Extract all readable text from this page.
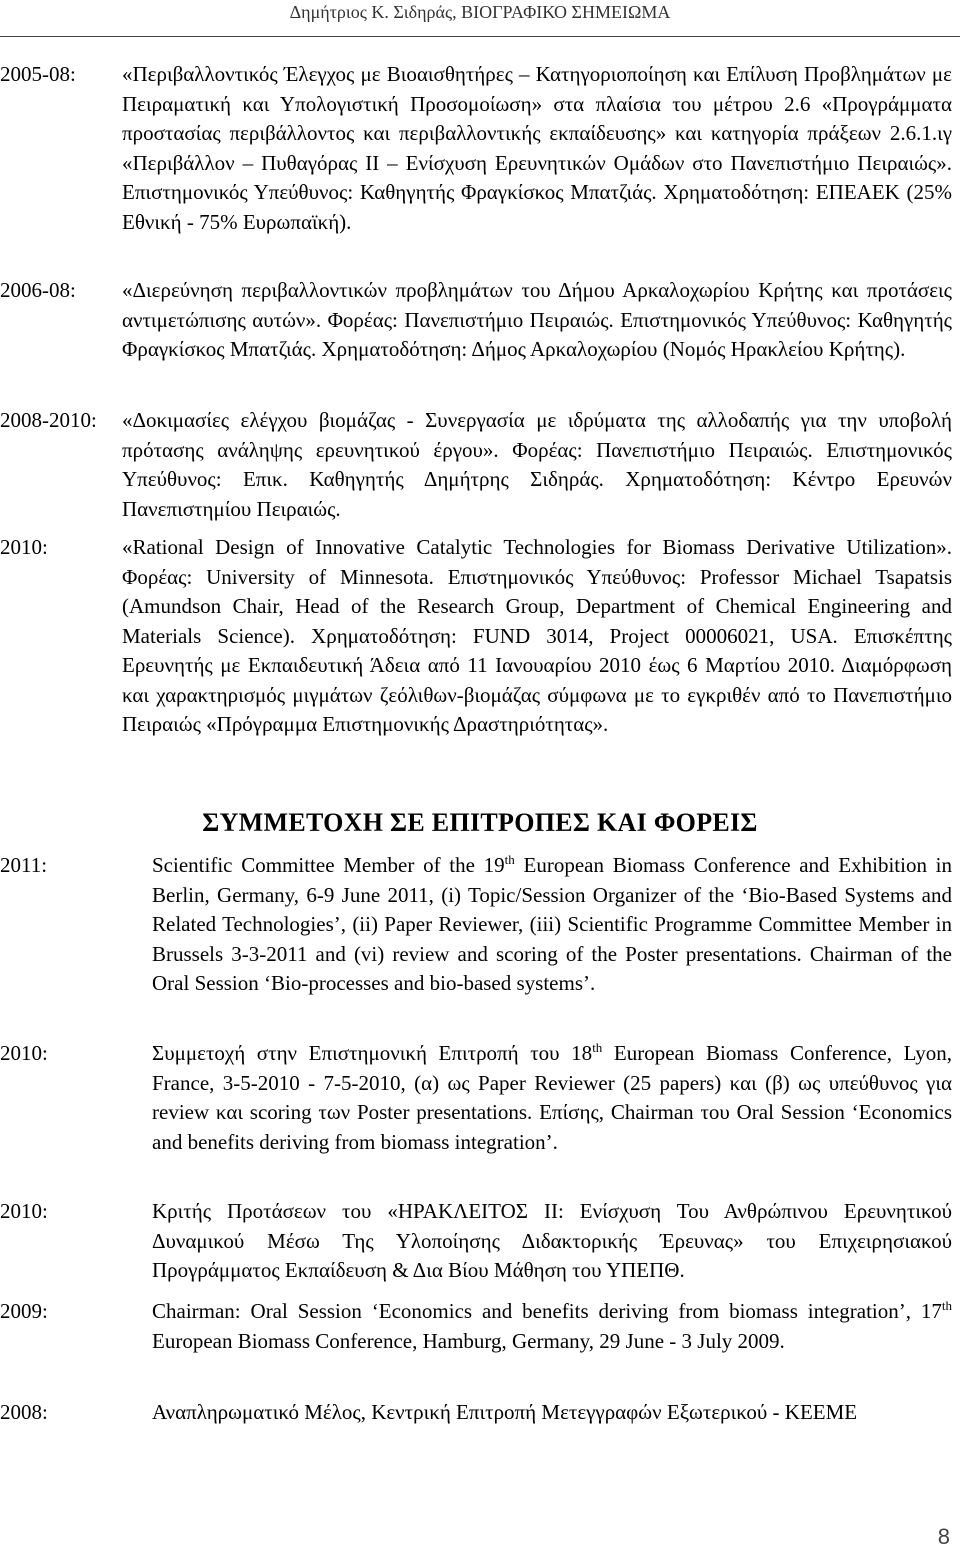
Δημήτριος Κ. Σιδηράς, ΒΙΟΓΡΑΦΙΚΟ ΣΗΜΕΙΩΜΑ
2005-08:	«Περιβαλλοντικός Έλεγχος με Βιοαισθητήρες – Κατηγοριοποίηση και Επίλυση Προβλημάτων με Πειραματική και Υπολογιστική Προσομοίωση» στα πλαίσια του μέτρου 2.6 «Προγράμματα προστασίας περιβάλλοντος και περιβαλλοντικής εκπαίδευσης» και κατηγορία πράξεων 2.6.1.ιγ «Περιβάλλον – Πυθαγόρας ΙΙ – Ενίσχυση Ερευνητικών Ομάδων στο Πανεπιστήμιο Πειραιώς». Επιστημονικός Υπεύθυνος: Καθηγητής Φραγκίσκος Μπατζιάς. Χρηματοδότηση: ΕΠΕΑΕΚ (25% Εθνική - 75% Ευρωπαϊκή).
2006-08:	«Διερεύνηση περιβαλλοντικών προβλημάτων του Δήμου Αρκαλοχωρίου Κρήτης και προτάσεις αντιμετώπισης αυτών». Φορέας: Πανεπιστήμιο Πειραιώς. Επιστημονικός Υπεύθυνος: Καθηγητής Φραγκίσκος Μπατζιάς. Χρηματοδότηση: Δήμος Αρκαλοχωρίου (Νομός Ηρακλείου Κρήτης).
2008-2010:	«Δοκιμασίες ελέγχου βιομάζας - Συνεργασία με ιδρύματα της αλλοδαπής για την υποβολή πρότασης ανάληψης ερευνητικού έργου». Φορέας: Πανεπιστήμιο Πειραιώς. Επιστημονικός Υπεύθυνος: Επικ. Καθηγητής Δημήτρης Σιδηράς. Χρηματοδότηση: Κέντρο Ερευνών Πανεπιστημίου Πειραιώς.
2010:	«Rational Design of Innovative Catalytic Technologies for Biomass Derivative Utilization». Φορέας: University of Minnesota. Επιστημονικός Υπεύθυνος: Professor Michael Tsapatsis (Amundson Chair, Head of the Research Group, Department of Chemical Engineering and Materials Science). Χρηματοδότηση: FUND 3014, Project 00006021, USA. Επισκέπτης Ερευνητής με Εκπαιδευτική Άδεια από 11 Ιανουαρίου 2010 έως 6 Μαρτίου 2010. Διαμόρφωση και χαρακτηρισμός μιγμάτων ζεόλιθων-βιομάζας σύμφωνα με το εγκριθέν από το Πανεπιστήμιο Πειραιώς «Πρόγραμμα Επιστημονικής Δραστηριότητας».
ΣΥΜΜΕΤΟΧΗ ΣΕ ΕΠΙΤΡΟΠΕΣ ΚΑΙ ΦΟΡΕΙΣ
2011:	Scientific Committee Member of the 19th European Biomass Conference and Exhibition in Berlin, Germany, 6-9 June 2011, (i) Topic/Session Organizer of the ‘Bio-Based Systems and Related Technologies’, (ii) Paper Reviewer, (iii) Scientific Programme Committee Member in Brussels 3-3-2011 and (vi) review and scoring of the Poster presentations. Chairman of the Oral Session ‘Bio-processes and bio-based systems’.
2010:	Συμμετοχή στην Επιστημονική Επιτροπή του 18th European Biomass Conference, Lyon, France, 3-5-2010 - 7-5-2010, (α) ως Paper Reviewer (25 papers) και (β) ως υπεύθυνος για review και scoring των Poster presentations. Επίσης, Chairman του Oral Session ‘Economics and benefits deriving from biomass integration’.
2010:	Κριτής Προτάσεων του «ΗΡΑΚΛΕΙΤΟΣ ΙΙ: Ενίσχυση Του Ανθρώπινου Ερευνητικού Δυναμικού Μέσω Της Υλοποίησης Διδακτορικής Έρευνας» του Επιχειρησιακού Προγράμματος Εκπαίδευση & Δια Βίου Μάθηση του ΥΠΕΠΘ.
2009:	Chairman: Oral Session ‘Economics and benefits deriving from biomass integration’, 17th European Biomass Conference, Hamburg, Germany, 29 June - 3 July 2009.
2008:	Αναπληρωματικό Μέλος, Κεντρική Επιτροπή Μετεγγραφών Εξωτερικού - ΚΕΕΜΕ
8
